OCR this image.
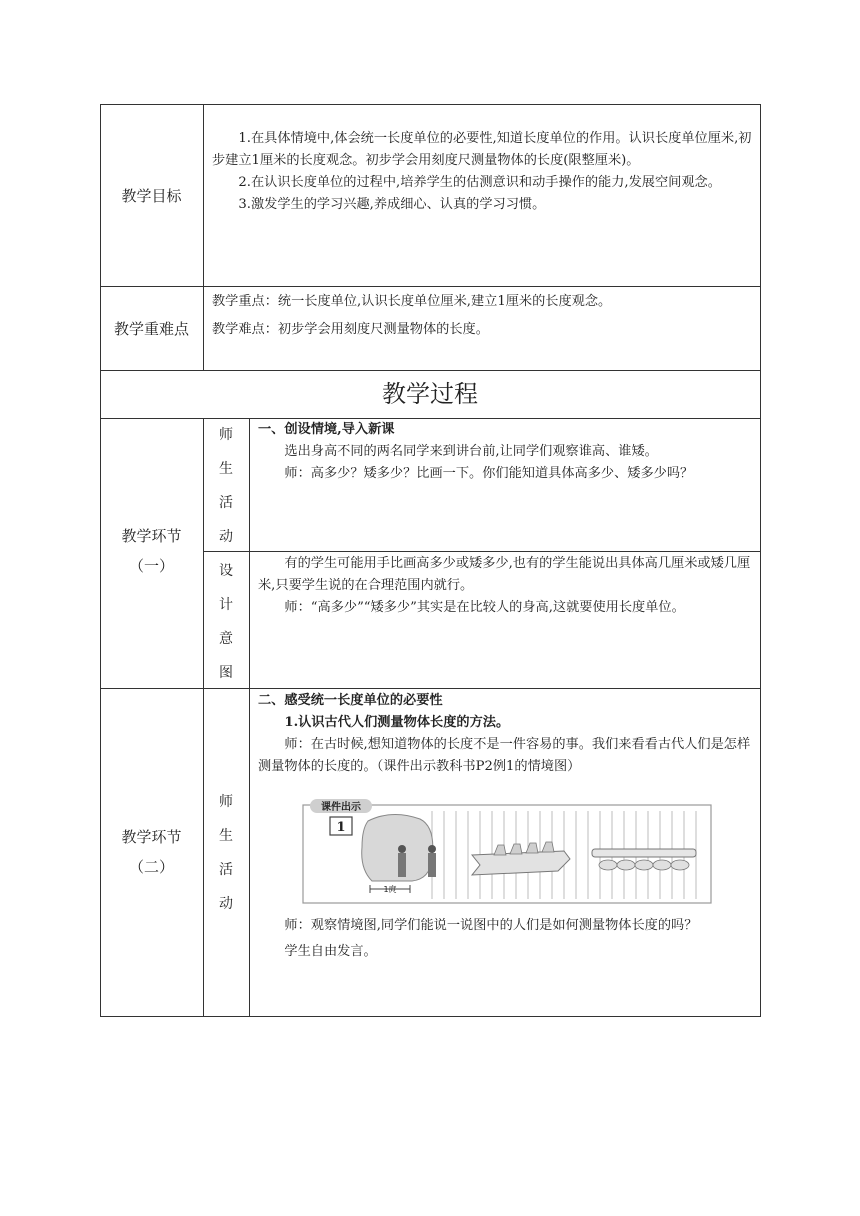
教学目标

1.在具体情境中,体会统一长度单位的必要性,知道长度单位的作用。认识长度单位厘米,初步建立1厘米的长度观念。初步学会用刻度尺测量物体的长度(限整厘米)。

2.在认识长度单位的过程中,培养学生的估测意识和动手操作的能力,发展空间观念。

3.激发学生的学习兴趣,养成细心、认真的学习习惯。

教学重难点

教学重点：统一长度单位,认识长度单位厘米,建立1厘米的长度观念。

教学难点：初步学会用刻度尺测量物体的长度。

教学过程
教学环节
（一）
师
生
活
动

一、创设情境,导入新课

选出身高不同的两名同学来到讲台前,让同学们观察谁高、谁矮。

师：高多少？矮多少？比画一下。你们能知道具体高多少、矮多少吗？

设
计
意
图

有的学生可能用手比画高多少或矮多少,也有的学生能说出具体高几厘米或矮几厘米,只要学生说的在合理范围内就行。

师：“高多少”“矮多少”其实是在比较人的身高,这就要使用长度单位。

教学环节
（二）
师
生
活
动

二、感受统一长度单位的必要性

1.认识古代人们测量物体长度的方法。

师：在古时候,想知道物体的长度不是一件容易的事。我们来看看古代人们是怎样测量物体的长度的。（课件出示教科书P2例1的情境图）

课件出示
1
1庹

师：观察情境图,同学们能说一说图中的人们是如何测量物体长度的吗？

学生自由发言。
